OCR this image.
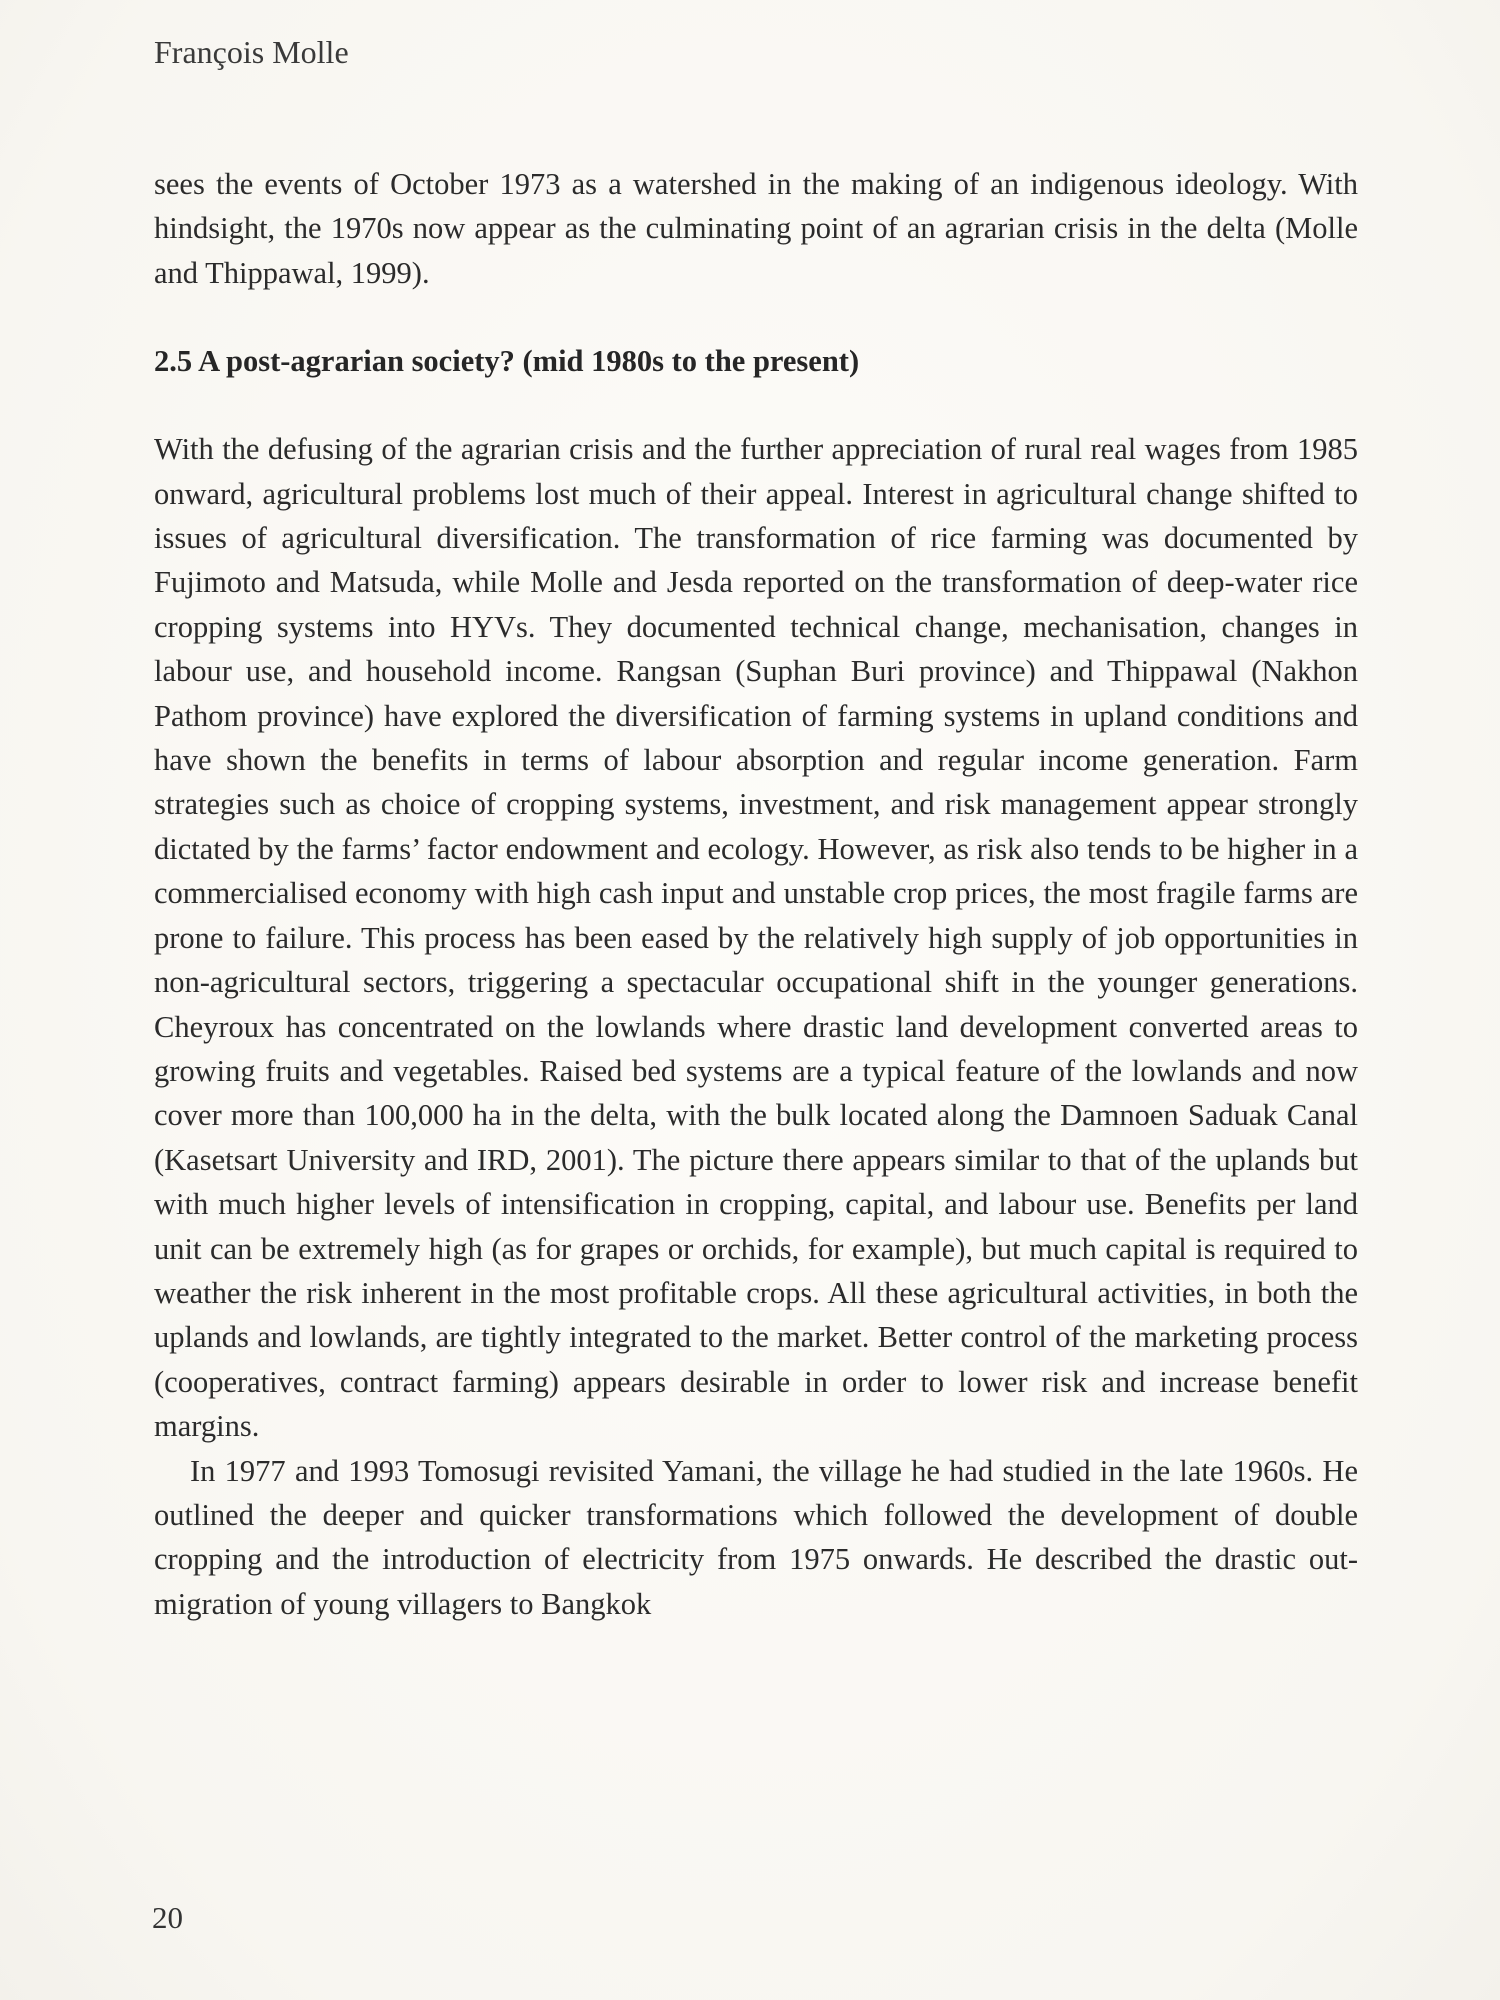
François Molle

sees the events of October 1973 as a watershed in the making of an indigenous ideology. With hindsight, the 1970s now appear as the culminating point of an agrarian crisis in the delta (Molle and Thippawal, 1999).

2.5 A post-agrarian society? (mid 1980s to the present)

With the defusing of the agrarian crisis and the further appreciation of rural real wages from 1985 onward, agricultural problems lost much of their appeal. Interest in agricultural change shifted to issues of agricultural diversification. The transformation of rice farming was documented by Fujimoto and Matsuda, while Molle and Jesda reported on the transformation of deep-water rice cropping systems into HYVs. They documented technical change, mechanisation, changes in labour use, and household income. Rangsan (Suphan Buri province) and Thippawal (Nakhon Pathom province) have explored the diversification of farming systems in upland conditions and have shown the benefits in terms of labour absorption and regular income generation. Farm strategies such as choice of cropping systems, investment, and risk management appear strongly dictated by the farms’ factor endowment and ecology. However, as risk also tends to be higher in a commercialised economy with high cash input and unstable crop prices, the most fragile farms are prone to failure. This process has been eased by the relatively high supply of job opportunities in non-agricultural sectors, triggering a spectacular occupational shift in the younger generations. Cheyroux has concentrated on the lowlands where drastic land development converted areas to growing fruits and vegetables. Raised bed systems are a typical feature of the lowlands and now cover more than 100,000 ha in the delta, with the bulk located along the Damnoen Saduak Canal (Kasetsart University and IRD, 2001). The picture there appears similar to that of the uplands but with much higher levels of intensification in cropping, capital, and labour use. Benefits per land unit can be extremely high (as for grapes or orchids, for example), but much capital is required to weather the risk inherent in the most profitable crops. All these agricultural activities, in both the uplands and lowlands, are tightly integrated to the market. Better control of the marketing process (cooperatives, contract farming) appears desirable in order to lower risk and increase benefit margins.

In 1977 and 1993 Tomosugi revisited Yamani, the village he had studied in the late 1960s. He outlined the deeper and quicker transformations which followed the development of double cropping and the introduction of electricity from 1975 onwards. He described the drastic out-migration of young villagers to Bangkok

20
